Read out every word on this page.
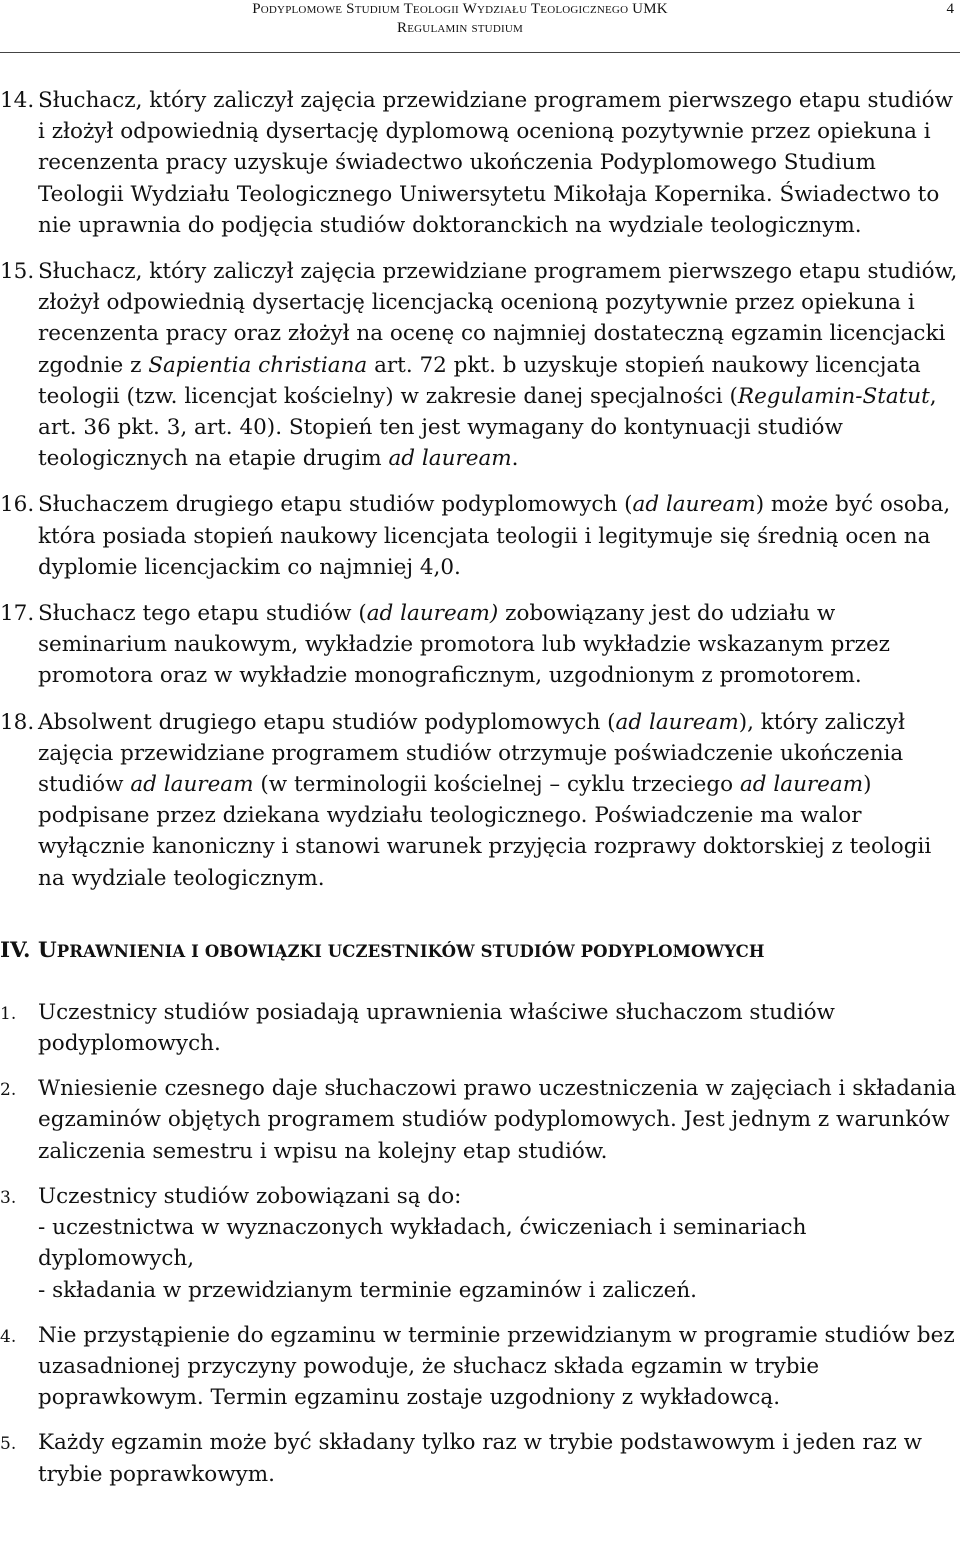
Podyplomowe Studium Teologii Wydziału Teologicznego UMK
Regulamin studium
4
14. Słuchacz, który zaliczył zajęcia przewidziane programem pierwszego etapu studiów i złożył odpowiednią dysertację dyplomową ocenioną pozytywnie przez opiekuna i recenzenta pracy uzyskuje świadectwo ukończenia Podyplomowego Studium Teologii Wydziału Teologicznego Uniwersytetu Mikołaja Kopernika. Świadectwo to nie uprawnia do podjęcia studiów doktoranckich na wydziale teologicznym.
15. Słuchacz, który zaliczył zajęcia przewidziane programem pierwszego etapu studiów, złożył odpowiednią dysertację licencjacką ocenioną pozytywnie przez opiekuna i recenzenta pracy oraz złożył na ocenę co najmniej dostateczną egzamin licencjacki zgodnie z Sapientia christiana art. 72 pkt. b uzyskuje stopień naukowy licencjata teologii (tzw. licencjat kościelny) w zakresie danej specjalności (Regulamin-Statut, art. 36 pkt. 3, art. 40). Stopień ten jest wymagany do kontynuacji studiów teologicznych na etapie drugim ad lauream.
16. Słuchaczem drugiego etapu studiów podyplomowych (ad lauream) może być osoba, która posiada stopień naukowy licencjata teologii i legitymuje się średnią ocen na dyplomie licencjackim co najmniej 4,0.
17. Słuchacz tego etapu studiów (ad lauream) zobowiązany jest do udziału w seminarium naukowym, wykładzie promotora lub wykładzie wskazanym przez promotora oraz w wykładzie monograficznym, uzgodnionym z promotorem.
18. Absolwent drugiego etapu studiów podyplomowych (ad lauream), który zaliczył zajęcia przewidziane programem studiów otrzymuje poświadczenie ukończenia studiów ad lauream (w terminologii kościelnej – cyklu trzeciego ad lauream) podpisane przez dziekana wydziału teologicznego. Poświadczenie ma walor wyłącznie kanoniczny i stanowi warunek przyjęcia rozprawy doktorskiej z teologii na wydziale teologicznym.
IV. UPRAWNIENIA I OBOWIĄZKI UCZESTNIKÓW STUDIÓW PODYPLOMOWYCH
1. Uczestnicy studiów posiadają uprawnienia właściwe słuchaczom studiów podyplomowych.
2. Wniesienie czesnego daje słuchaczowi prawo uczestniczenia w zajęciach i składania egzaminów objętych programem studiów podyplomowych. Jest jednym z warunków zaliczenia semestru i wpisu na kolejny etap studiów.
3. Uczestnicy studiów zobowiązani są do:
- uczestnictwa w wyznaczonych wykładach, ćwiczeniach i seminariach dyplomowych,
- składania w przewidzianym terminie egzaminów i zaliczeń.
4. Nie przystąpienie do egzaminu w terminie przewidzianym w programie studiów bez uzasadnionej przyczyny powoduje, że słuchacz składa egzamin w trybie poprawkowym. Termin egzaminu zostaje uzgodniony z wykładowcą.
5. Każdy egzamin może być składany tylko raz w trybie podstawowym i jeden raz w trybie poprawkowym.
